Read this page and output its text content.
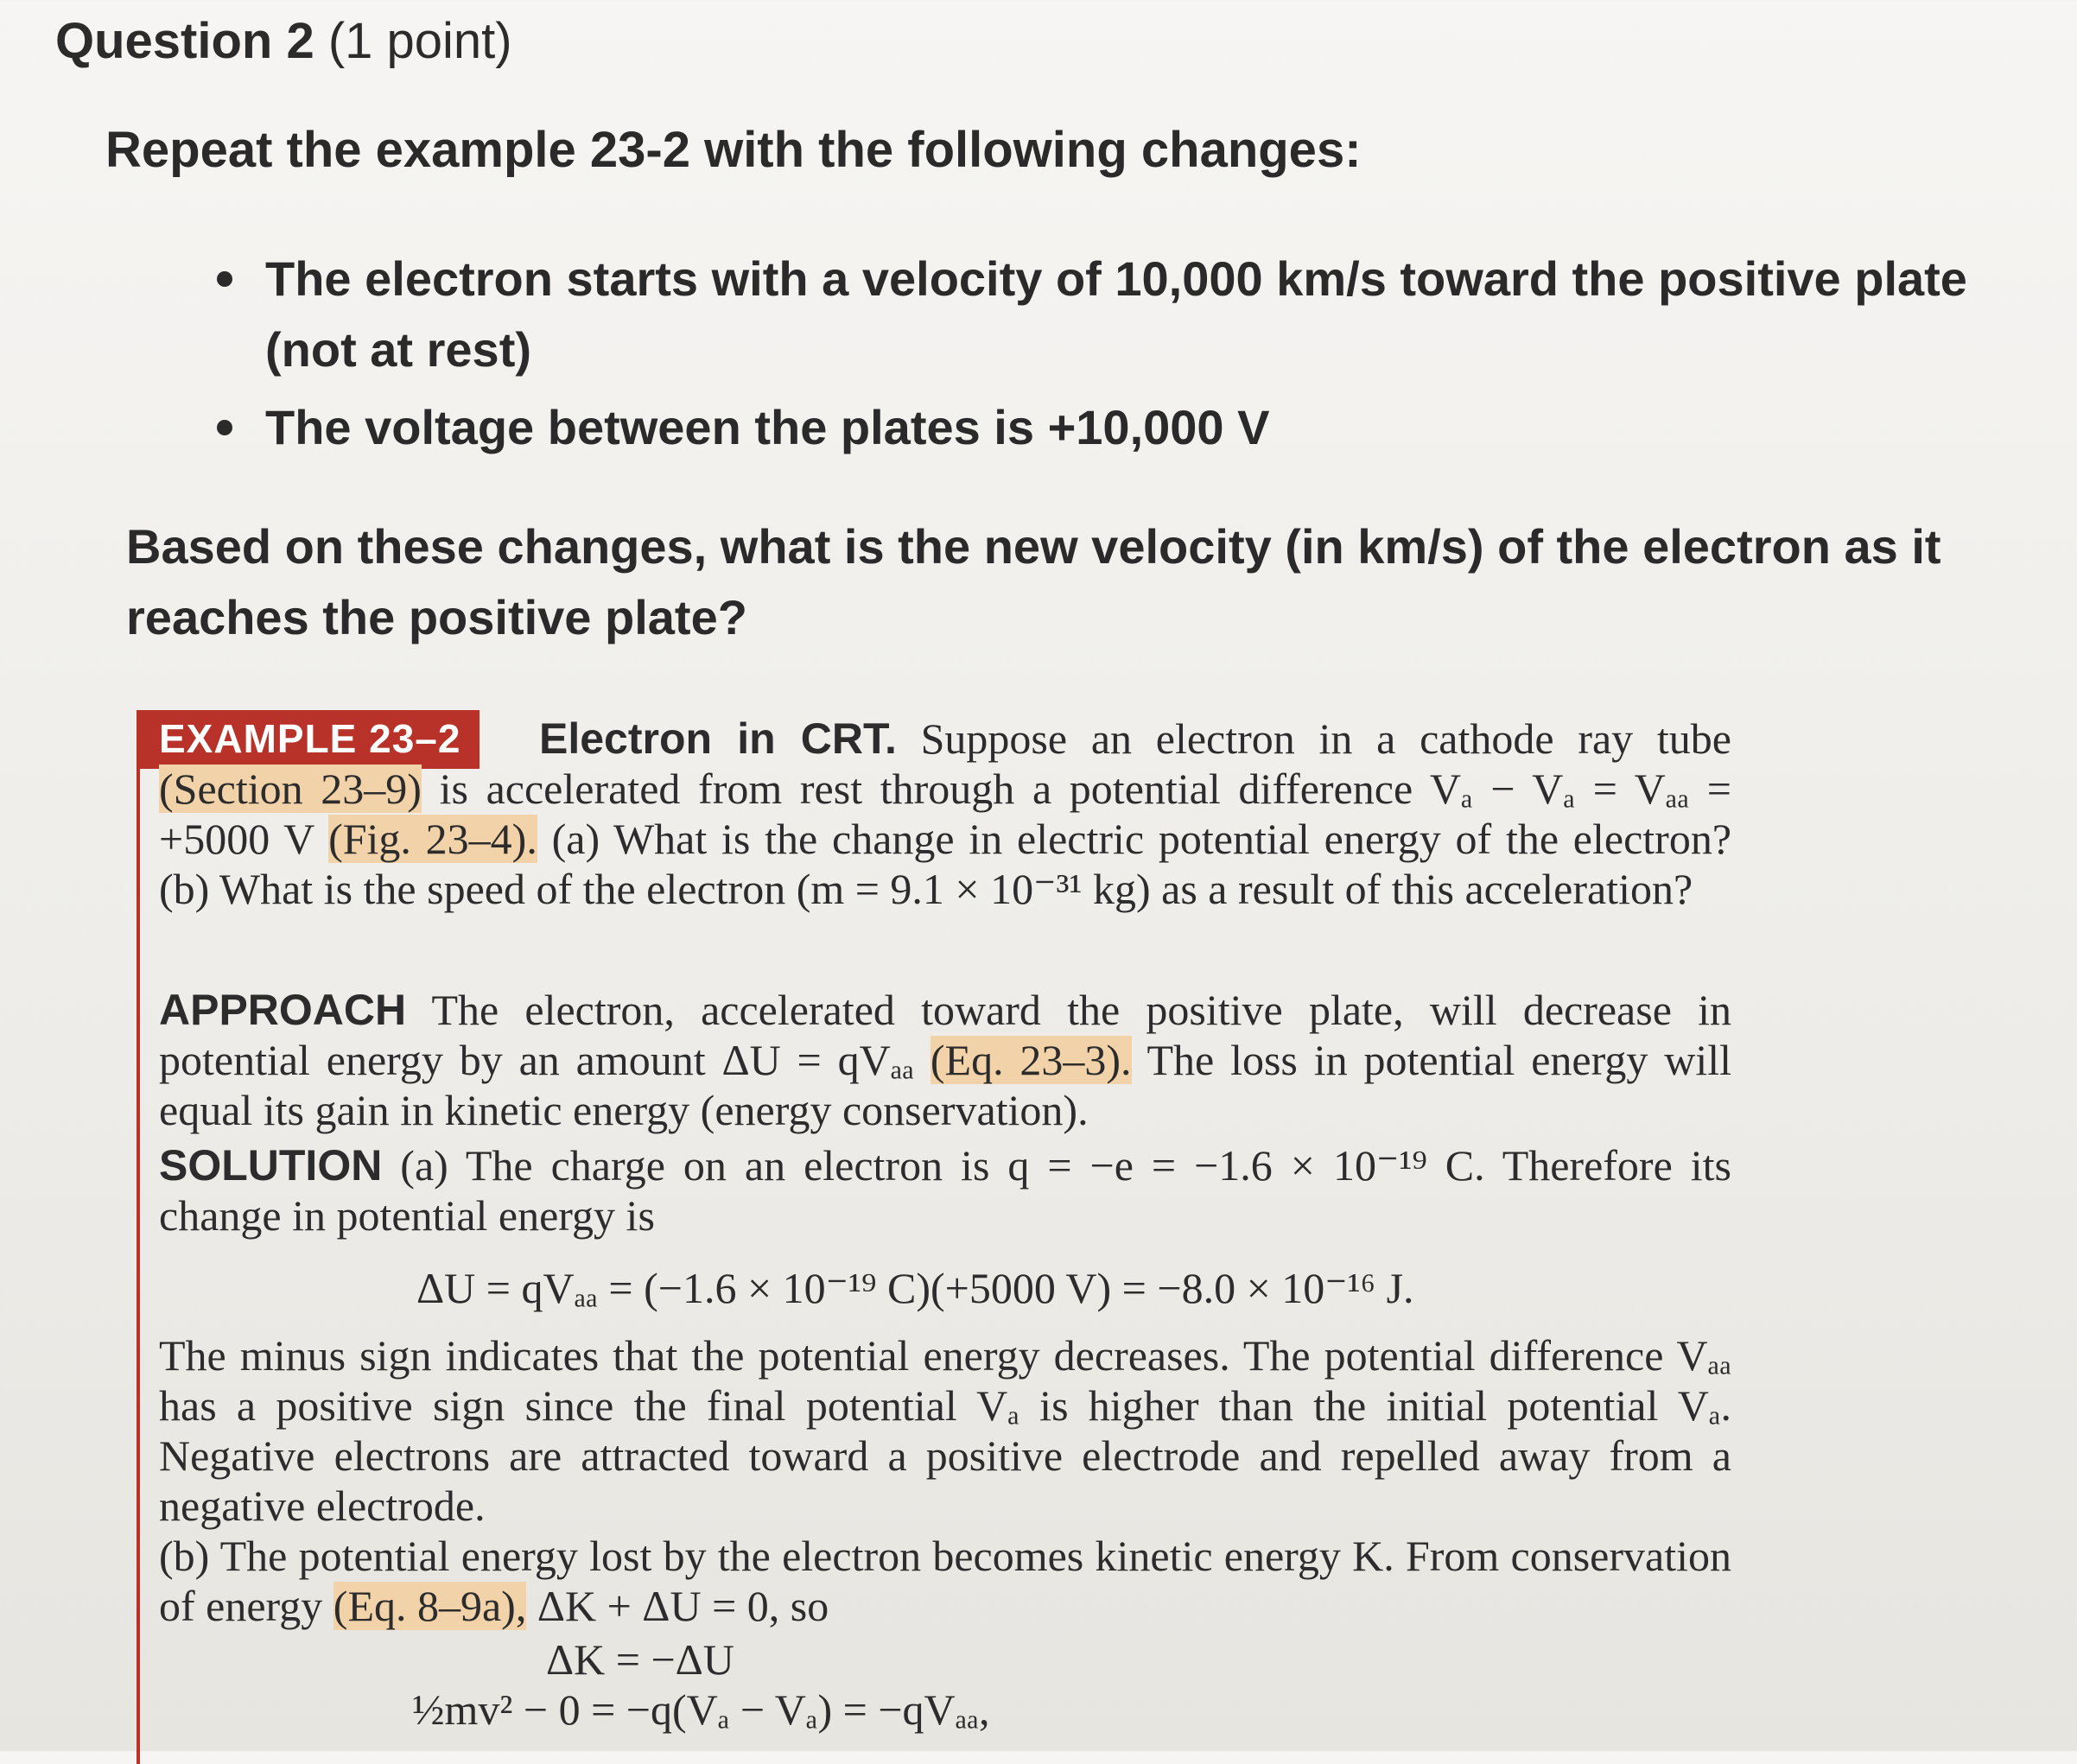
Question 2 (1 point)
Repeat the example 23-2 with the following changes:
The electron starts with a velocity of 10,000 km/s toward the positive plate (not at rest)
The voltage between the plates is +10,000 V
Based on these changes, what is the new velocity (in km/s) of the electron as it reaches the positive plate?
EXAMPLE 23–2	Electron in CRT. Suppose an electron in a cathode ray tube (Section 23–9) is accelerated from rest through a potential difference Vₐ − Vₐ = Vₐₐ = +5000 V (Fig. 23–4). (a) What is the change in electric potential energy of the electron? (b) What is the speed of the electron (m = 9.1 × 10⁻³¹ kg) as a result of this acceleration?
APPROACH The electron, accelerated toward the positive plate, will decrease in potential energy by an amount ΔU = qVₐₐ (Eq. 23–3). The loss in potential energy will equal its gain in kinetic energy (energy conservation).
SOLUTION (a) The charge on an electron is q = −e = −1.6 × 10⁻¹⁹ C. Therefore its change in potential energy is
ΔU = qVₐₐ = (−1.6 × 10⁻¹⁹ C)(+5000 V) = −8.0 × 10⁻¹⁶ J.
The minus sign indicates that the potential energy decreases. The potential difference Vₐₐ has a positive sign since the final potential Vₐ is higher than the initial potential Vₐ. Negative electrons are attracted toward a positive electrode and repelled away from a negative electrode.
(b) The potential energy lost by the electron becomes kinetic energy K. From conservation of energy (Eq. 8–9a), ΔK + ΔU = 0, so
ΔK = −ΔU
½mv² − 0 = −q(Vₐ − Vₐ) = −qVₐₐ,
